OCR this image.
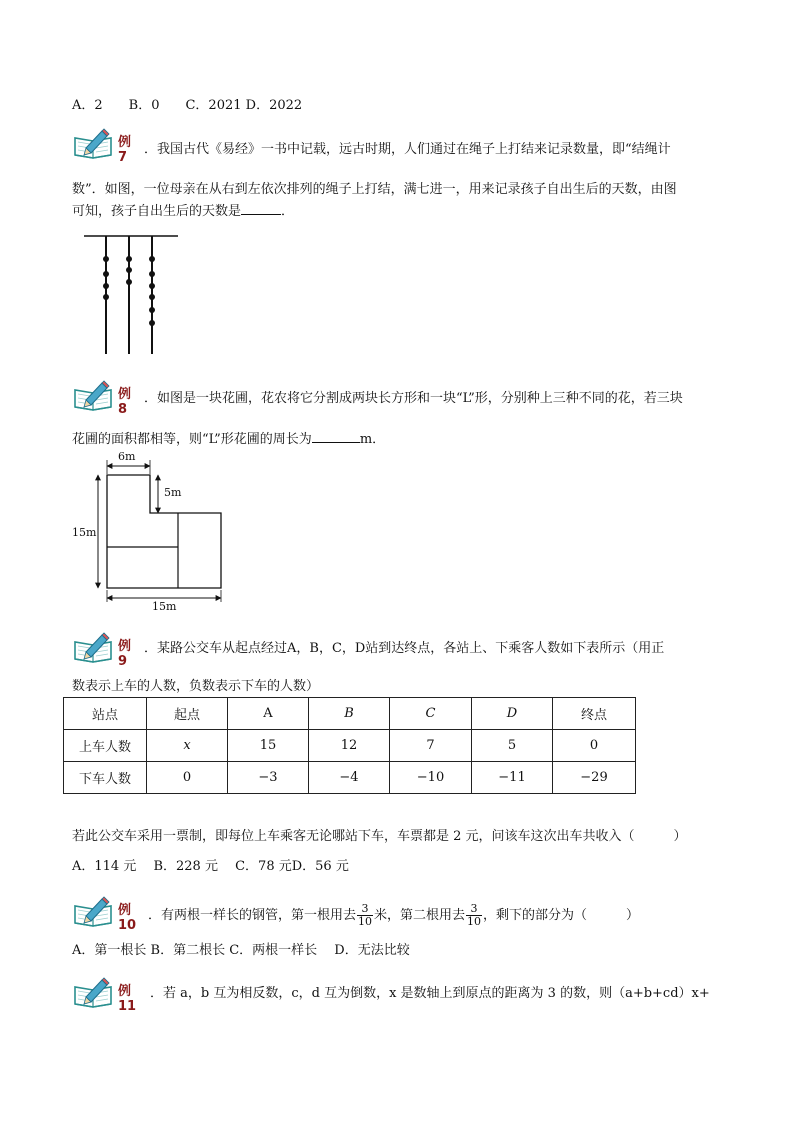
A．2　　B．0　　C．2021 D．2022
例 7
．我国古代《易经》一书中记载，远古时期，人们通过在绳子上打结来记录数量，即“结绳计
数”．如图，一位母亲在从右到左依次排列的绳子上打结，满七进一，用来记录孩子自出生后的天数，由图
可知，孩子自出生后的天数是	．
例 8
．如图是一块花圃，花农将它分割成两块长方形和一块“L”形，分别种上三种不同的花，若三块
花圃的面积都相等，则“L”形花圃的周长为	m．
6m
5m
15m
15m
例 9
．某路公交车从起点经过A，B，C，D站到达终点，各站上、下乘客人数如下表所示（用正
数表示上车的人数，负数表示下车的人数）
站点	起点	A	B	C	D	终点
上车人数	x	15	12	7	5	0
下车人数	0	−3	−4	−10	−11	−29
若此公交车采用一票制，即每位上车乘客无论哪站下车，车票都是 2 元，问该车这次出车共收入（　　　）
A．114 元　 B．228 元　 C．78 元D．56 元
例10
．有两根一样长的钢管，第一根用去 $\frac{3}{10}$ 米，第二根用去 $\frac{3}{10}$ ，剩下的部分为（　　　）
A．第一根长 B．第二根长 C．两根一样长　 D．无法比较
例11
．若 a，b 互为相反数，c，d 互为倒数，x 是数轴上到原点的距离为 3 的数，则（a+b+cd）x+
